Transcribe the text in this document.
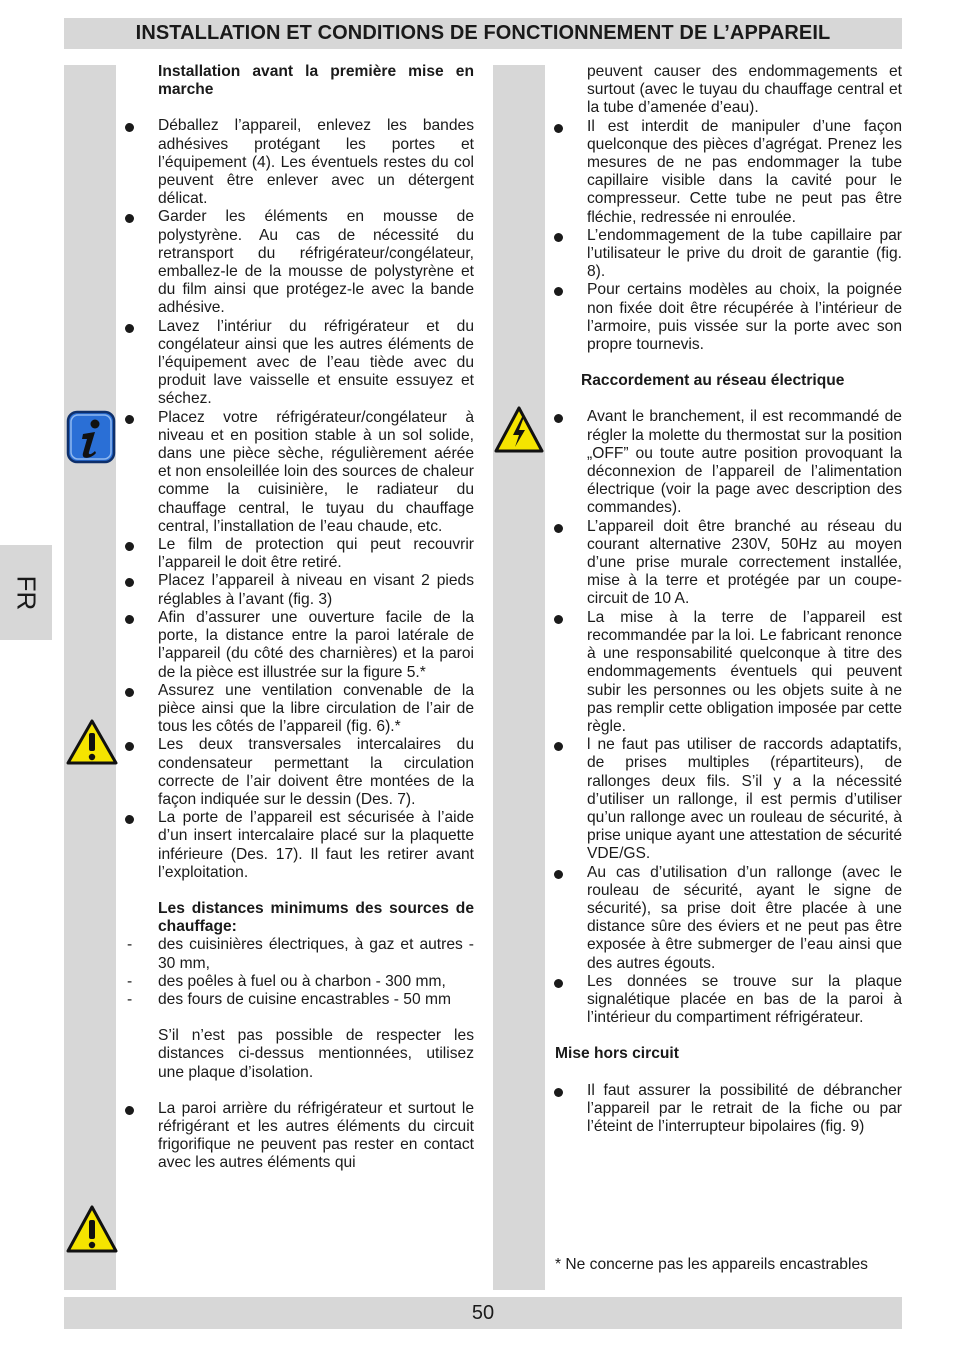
INSTALLATION ET CONDITIONS DE FONCTIONNEMENT DE L’APPAREIL
FR

Installation avant la première mise en marche

Déballez l’appareil, enlevez les bandes adhésives protégant les portes et l’équipement (4). Les éventuels restes du col peuvent être enlever avec un détergent délicat.

Garder les éléments en mousse de polystyrène. Au cas de nécessité du retransport du réfrigérateur/congélateur, emballez-le de la mousse de polystyrène et du film ainsi que protégez-le avec la bande adhésive.

Lavez l’intériur du réfrigérateur et du congélateur ainsi que les autres éléments de l’équipement avec de l’eau tiède avec du produit lave vaisselle et ensuite essuyez et séchez.

Placez votre réfrigérateur/congélateur à niveau et en position stable à un sol solide, dans une pièce sèche, régulièrement aérée et non ensoleillée loin des sources de chaleur comme la cuisinière, le radiateur du chauffage central, le tuyau du chauffage central, l’installation de l’eau chaude, etc.

Le film de protection qui peut recouvrir l’appareil le doit être retiré.

Placez l’appareil à niveau en visant 2 pieds réglables à l’avant (fig. 3)

Afin d’assurer une ouverture facile de la porte, la distance entre la paroi latérale de l’appareil (du côté des charnières) et la paroi de la pièce est illustrée sur la figure 5.*

Assurez une ventilation convenable de la pièce ainsi que la libre circulation de l’air de tous les côtés de l’appareil (fig. 6).*

Les deux transversales intercalaires du condensateur permettant la circulation correcte de l’air doivent être montées de la façon indiquée sur le dessin (Des. 7).

La porte de l’appareil est sécurisée à l’aide d’un insert intercalaire placé sur la plaquette inférieure (Des. 17). Il faut les retirer avant l’exploitation.

Les distances minimums des sources de chauffage:

- des cuisinières électriques, à gaz et autres - 30 mm,

- des poêles à fuel ou à charbon - 300 mm,

- des fours de cuisine encastrables - 50 mm

S’il n’est pas possible de respecter les distances ci-dessus mentionnées, utilisez une plaque d’isolation.

La paroi arrière du réfrigérateur et surtout le réfrigérant et les autres éléments du circuit frigorifique ne peuvent pas rester en contact avec les autres éléments qui

peuvent causer des endommagements et surtout (avec le tuyau du chauffage central et la tube d’amenée d’eau).

Il est interdit de manipuler d’une façon quelconque des pièces d’agrégat. Prenez les mesures de ne pas endommager la tube capillaire visible dans la cavité pour le compresseur. Cette tube ne peut pas être fléchie, redressée ni enroulée.

L’endommagement de la tube capillaire par l’utilisateur le prive du droit de garantie (fig. 8).

Pour certains modèles au choix, la poignée non fixée doit être récupérée à l’intérieur de l’armoire, puis vissée sur la porte avec son propre tournevis.

Raccordement au réseau électrique

Avant le branchement, il est recommandé de régler la molette du thermostat sur la position „OFF” ou toute autre position provoquant la déconnexion de l’appareil de l’alimentation électrique (voir la page avec description des commandes).

L’appareil doit être branché au réseau du courant alternative 230V, 50Hz au moyen d’une prise murale correctement installée, mise à la terre et protégée par un coupe-circuit de 10 A.

La mise à la terre de l’appareil est recommandée par la loi. Le fabricant renonce à une responsabilité quelconque à titre des endommagements éventuels qui peuvent subir les personnes ou les objets suite à ne pas remplir cette obligation imposée par cette règle.

l ne faut pas utiliser de raccords adaptatifs, de prises multiples (répartiteurs), de rallonges deux fils. S’il y a la nécessité d’utiliser un rallonge, il est permis d’utiliser qu’un rallonge avec un rouleau de sécurité, à prise unique ayant une attestation de sécurité VDE/GS.

Au cas d’utilisation d’un rallonge (avec le rouleau de sécurité, ayant le signe de sécurité), sa prise doit être placée à une distance sûre des éviers et ne peut pas être exposée à être submerger de l’eau ainsi que des autres égouts.

Les données se trouve sur la plaque signalétique placée en bas de la paroi à l’intérieur du compartiment réfrigérateur.

Mise hors circuit

Il faut assurer la possibilité de débrancher l’appareil par le retrait de la fiche ou par l’éteint de l’interrupteur bipolaires (fig. 9)

* Ne concerne pas les appareils encastrables

50
